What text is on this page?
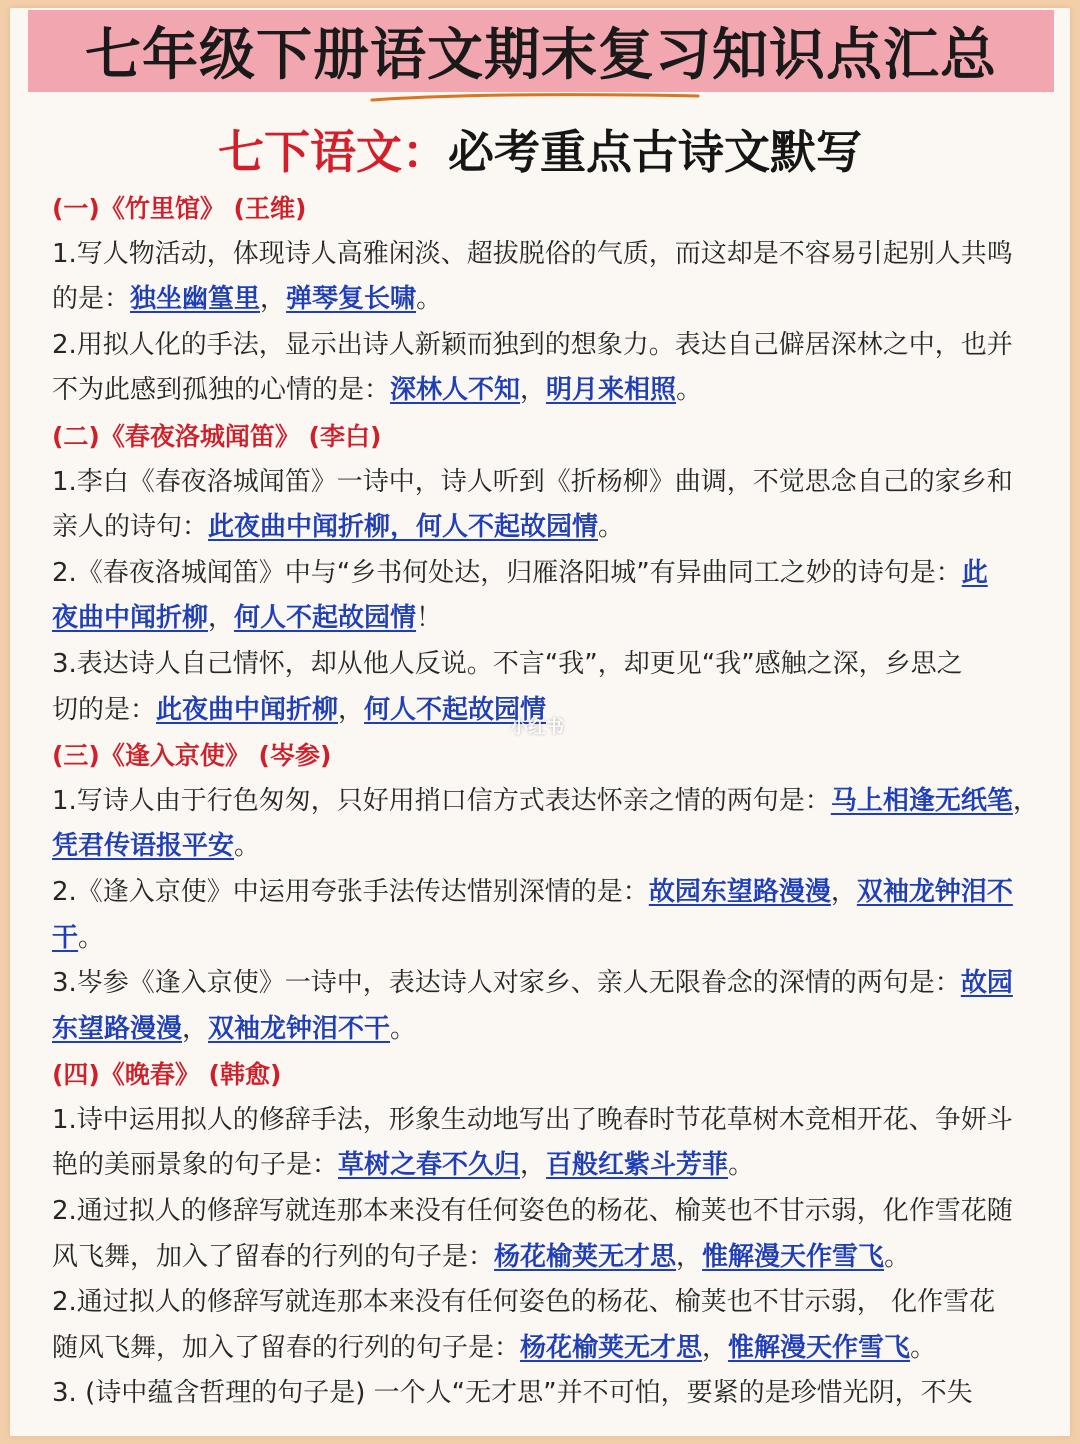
七年级下册语文期末复习知识点汇总
七下语文：必考重点古诗文默写
(一)《竹里馆》 (王维)
1.写人物活动，体现诗人高雅闲淡、超拔脱俗的气质，而这却是不容易引起别人共鸣
的是：独坐幽篁里，弹琴复长啸。
2.用拟人化的手法，显示出诗人新颖而独到的想象力。表达自己僻居深林之中，也并
不为此感到孤独的心情的是：深林人不知，明月来相照。
(二)《春夜洛城闻笛》 (李白)
1.李白《春夜洛城闻笛》一诗中，诗人听到《折杨柳》曲调，不觉思念自己的家乡和
亲人的诗句：此夜曲中闻折柳，何人不起故园情。
2.《春夜洛城闻笛》中与“乡书何处达，归雁洛阳城”有异曲同工之妙的诗句是：此
夜曲中闻折柳，何人不起故园情！
3.表达诗人自己情怀，却从他人反说。不言“我”，却更见“我”感触之深，乡思之
切的是：此夜曲中闻折柳，何人不起故园情
(三)《逢入京使》 (岑参)
1.写诗人由于行色匆匆，只好用捎口信方式表达怀亲之情的两句是：马上相逢无纸笔，
凭君传语报平安。
2.《逢入京使》中运用夸张手法传达惜别深情的是：故园东望路漫漫，双袖龙钟泪不
干。
3.岑参《逢入京使》一诗中，表达诗人对家乡、亲人无限眷念的深情的两句是：故园
东望路漫漫，双袖龙钟泪不干。
(四)《晚春》 (韩愈)
1.诗中运用拟人的修辞手法，形象生动地写出了晚春时节花草树木竞相开花、争妍斗
艳的美丽景象的句子是：草树之春不久归，百般红紫斗芳菲。
2.通过拟人的修辞写就连那本来没有任何姿色的杨花、榆荚也不甘示弱，化作雪花随
风飞舞，加入了留春的行列的句子是：杨花榆荚无才思，惟解漫天作雪飞。
2.通过拟人的修辞写就连那本来没有任何姿色的杨花、榆荚也不甘示弱， 化作雪花
随风飞舞，加入了留春的行列的句子是：杨花榆荚无才思，惟解漫天作雪飞。
3. (诗中蕴含哲理的句子是) 一个人“无才思”并不可怕，要紧的是珍惜光阴，不失
小红书
